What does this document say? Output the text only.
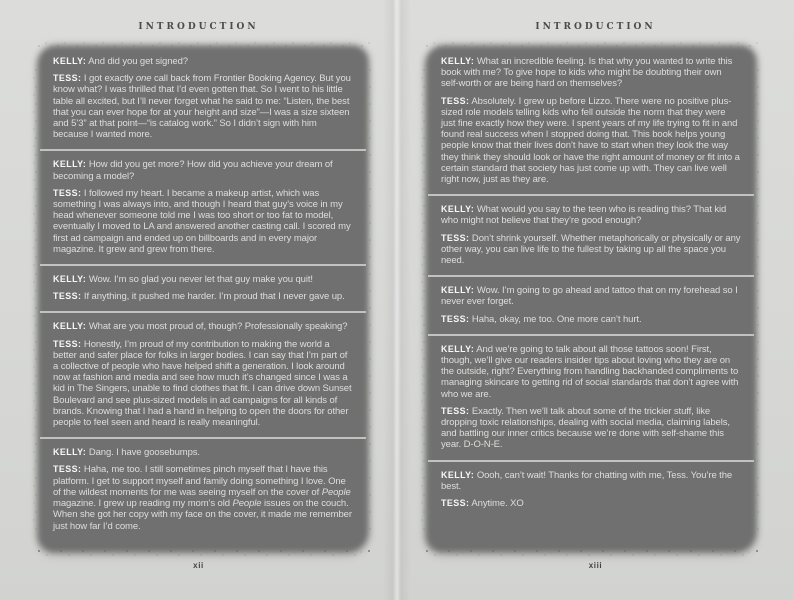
INTRODUCTION

KELLY: And did you get signed?

TESS: I got exactly one call back from Frontier Booking Agency. But you know what? I was thrilled that I’d even gotten that. So I went to his little table all excited, but I’ll never forget what he said to me: “Listen, the best that you can ever hope for at your height and size”—I was a size sixteen and 5’3” at that point—“is catalog work.” So I didn’t sign with him because I wanted more.

KELLY: How did you get more? How did you achieve your dream of becoming a model?

TESS: I followed my heart. I became a makeup artist, which was something I was always into, and though I heard that guy’s voice in my head whenever someone told me I was too short or too fat to model, eventually I moved to LA and answered another casting call. I scored my first ad campaign and ended up on billboards and in every major magazine. It grew and grew from there.

KELLY: Wow. I’m so glad you never let that guy make you quit!

TESS: If anything, it pushed me harder. I’m proud that I never gave up.

KELLY: What are you most proud of, though? Professionally speaking?

TESS: Honestly, I’m proud of my contribution to making the world a better and safer place for folks in larger bodies. I can say that I’m part of a collective of people who have helped shift a generation. I look around now at fashion and media and see how much it’s changed since I was a kid in The Singers, unable to find clothes that fit. I can drive down Sunset Boulevard and see plus-sized models in ad campaigns for all kinds of brands. Knowing that I had a hand in helping to open the doors for other people to feel seen and heard is really meaningful.

KELLY: Dang. I have goosebumps.

TESS: Haha, me too. I still sometimes pinch myself that I have this platform. I get to support myself and family doing something I love. One of the wildest moments for me was seeing myself on the cover of People magazine. I grew up reading my mom’s old People issues on the couch. When she got her copy with my face on the cover, it made me remember just how far I’d come.

xii
INTRODUCTION

KELLY: What an incredible feeling. Is that why you wanted to write this book with me? To give hope to kids who might be doubting their own self-worth or are being hard on themselves?

TESS: Absolutely. I grew up before Lizzo. There were no positive plus-sized role models telling kids who fell outside the norm that they were just fine exactly how they were. I spent years of my life trying to fit in and found real success when I stopped doing that. This book helps young people know that their lives don’t have to start when they look the way they think they should look or have the right amount of money or fit into a certain standard that society has just come up with. They can live well right now, just as they are.

KELLY: What would you say to the teen who is reading this? That kid who might not believe that they’re good enough?

TESS: Don’t shrink yourself. Whether metaphorically or physically or any other way, you can live life to the fullest by taking up all the space you need.

KELLY: Wow. I’m going to go ahead and tattoo that on my forehead so I never ever forget.

TESS: Haha, okay, me too. One more can’t hurt.

KELLY: And we’re going to talk about all those tattoos soon! First, though, we’ll give our readers insider tips about loving who they are on the outside, right? Everything from handling backhanded compliments to managing skincare to getting rid of social standards that don’t agree with who we are.

TESS: Exactly. Then we’ll talk about some of the trickier stuff, like dropping toxic relationships, dealing with social media, claiming labels, and battling our inner critics because we’re done with self-shame this year. D-O-N-E.

KELLY: Oooh, can’t wait! Thanks for chatting with me, Tess. You’re the best.

TESS: Anytime. XO

xiii
